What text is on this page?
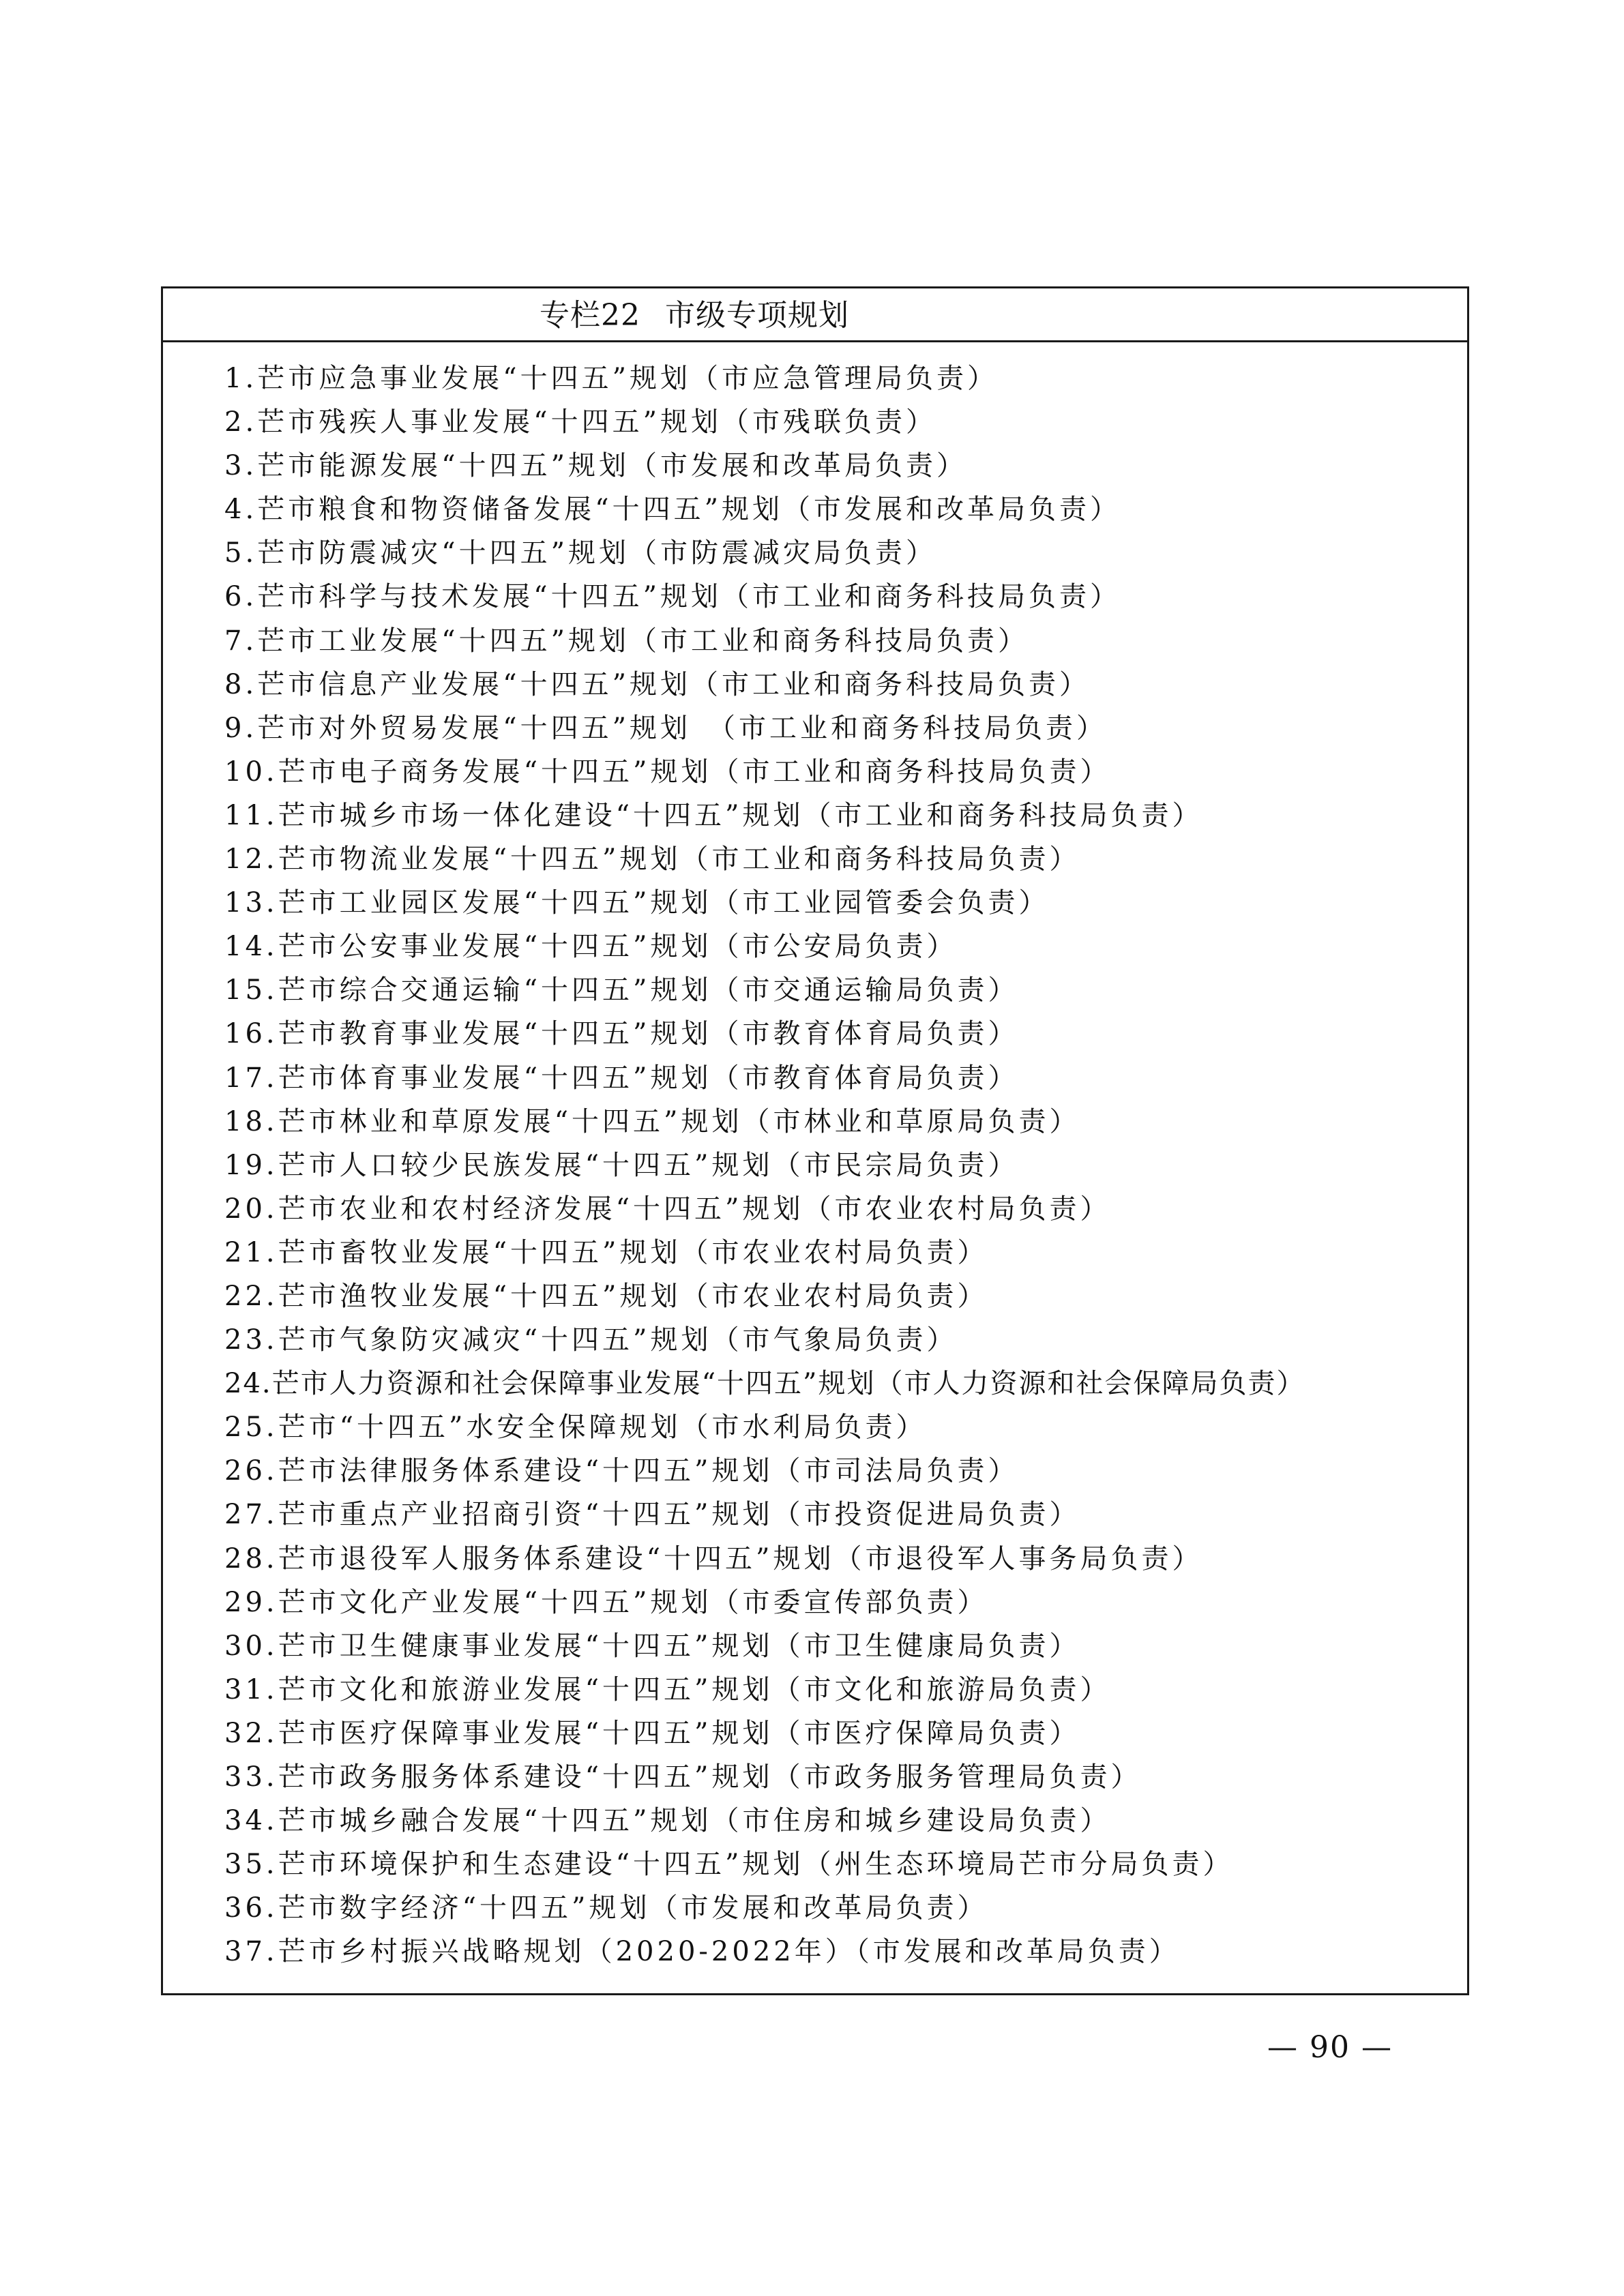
专栏22 市级专项规划
1.芒市应急事业发展“十四五”规划（市应急管理局负责）
2.芒市残疾人事业发展“十四五”规划（市残联负责）
3.芒市能源发展“十四五”规划（市发展和改革局负责）
4.芒市粮食和物资储备发展“十四五”规划（市发展和改革局负责）
5.芒市防震减灾“十四五”规划（市防震减灾局负责）
6.芒市科学与技术发展“十四五”规划（市工业和商务科技局负责）
7.芒市工业发展“十四五”规划（市工业和商务科技局负责）
8.芒市信息产业发展“十四五”规划（市工业和商务科技局负责）
9.芒市对外贸易发展“十四五”规划　（市工业和商务科技局负责）
10.芒市电子商务发展“十四五”规划（市工业和商务科技局负责）
11.芒市城乡市场一体化建设“十四五”规划（市工业和商务科技局负责）
12.芒市物流业发展“十四五”规划（市工业和商务科技局负责）
13.芒市工业园区发展“十四五”规划（市工业园管委会负责）
14.芒市公安事业发展“十四五”规划（市公安局负责）
15.芒市综合交通运输“十四五”规划（市交通运输局负责）
16.芒市教育事业发展“十四五”规划（市教育体育局负责）
17.芒市体育事业发展“十四五”规划（市教育体育局负责）
18.芒市林业和草原发展“十四五”规划（市林业和草原局负责）
19.芒市人口较少民族发展“十四五”规划（市民宗局负责）
20.芒市农业和农村经济发展“十四五”规划（市农业农村局负责）
21.芒市畜牧业发展“十四五”规划（市农业农村局负责）
22.芒市渔牧业发展“十四五”规划（市农业农村局负责）
23.芒市气象防灾减灾“十四五”规划（市气象局负责）
24.芒市人力资源和社会保障事业发展“十四五”规划（市人力资源和社会保障局负责）
25.芒市“十四五”水安全保障规划（市水利局负责）
26.芒市法律服务体系建设“十四五”规划（市司法局负责）
27.芒市重点产业招商引资“十四五”规划（市投资促进局负责）
28.芒市退役军人服务体系建设“十四五”规划（市退役军人事务局负责）
29.芒市文化产业发展“十四五”规划（市委宣传部负责）
30.芒市卫生健康事业发展“十四五”规划（市卫生健康局负责）
31.芒市文化和旅游业发展“十四五”规划（市文化和旅游局负责）
32.芒市医疗保障事业发展“十四五”规划（市医疗保障局负责）
33.芒市政务服务体系建设“十四五”规划（市政务服务管理局负责）
34.芒市城乡融合发展“十四五”规划（市住房和城乡建设局负责）
35.芒市环境保护和生态建设“十四五”规划（州生态环境局芒市分局负责）
36.芒市数字经济“十四五”规划（市发展和改革局负责）
37.芒市乡村振兴战略规划（2020-2022年）（市发展和改革局负责）
— 90 —
